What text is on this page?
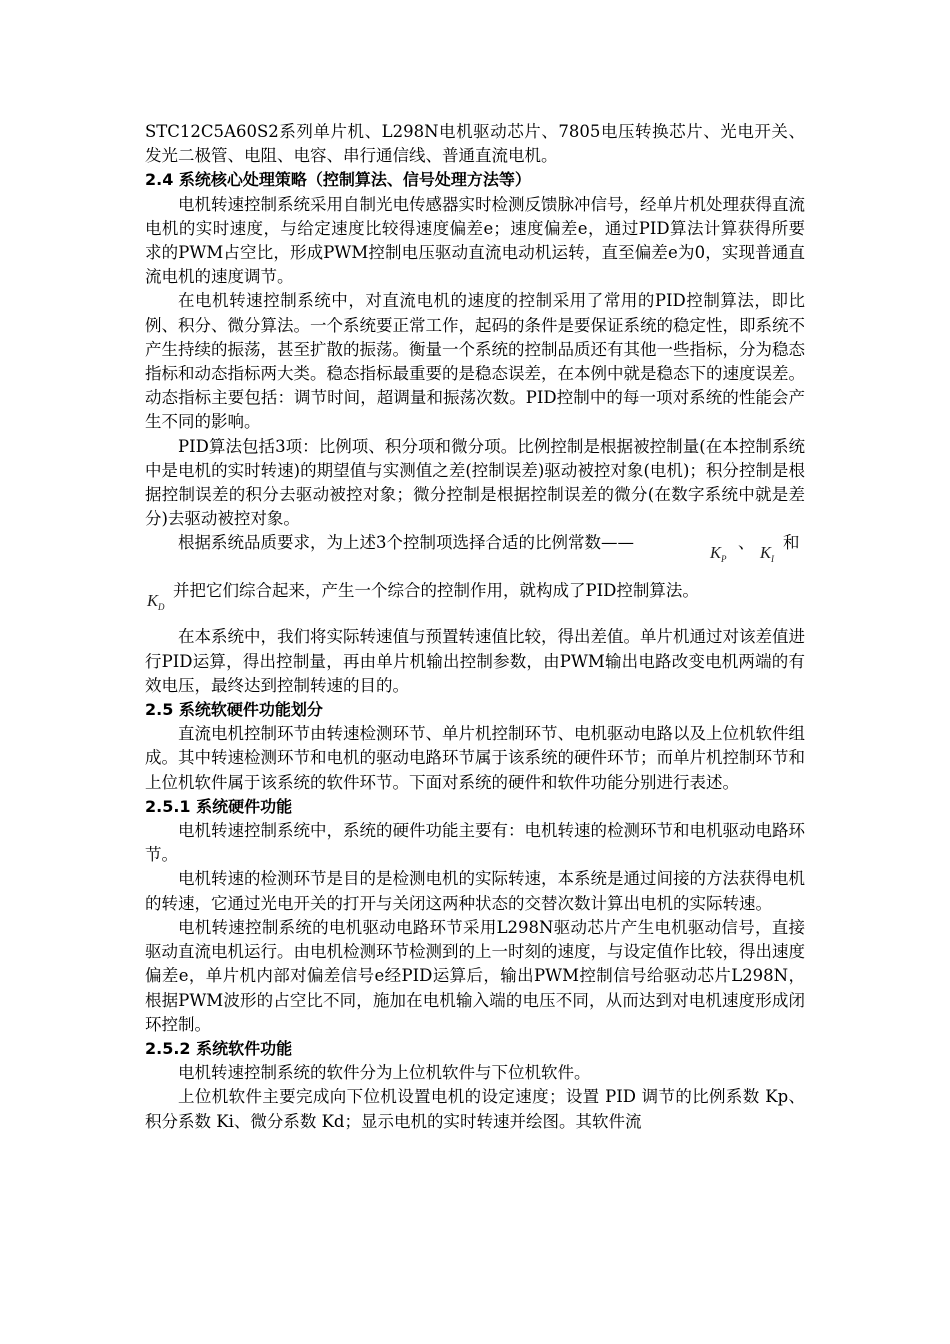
STC12C5A60S2系列单片机、L298N电机驱动芯片、7805电压转换芯片、光电开关、发光二极管、电阻、电容、串行通信线、普通直流电机。

2.4 系统核心处理策略（控制算法、信号处理方法等）

电机转速控制系统采用自制光电传感器实时检测反馈脉冲信号，经单片机处理获得直流电机的实时速度，与给定速度比较得速度偏差e；速度偏差e，通过PID算法计算获得所要求的PWM占空比，形成PWM控制电压驱动直流电动机运转，直至偏差e为0，实现普通直流电机的速度调节。

在电机转速控制系统中，对直流电机的速度的控制采用了常用的PID控制算法，即比例、积分、微分算法。一个系统要正常工作，起码的条件是要保证系统的稳定性，即系统不产生持续的振荡，甚至扩散的振荡。衡量一个系统的控制品质还有其他一些指标，分为稳态指标和动态指标两大类。稳态指标最重要的是稳态误差，在本例中就是稳态下的速度误差。动态指标主要包括：调节时间，超调量和振荡次数。PID控制中的每一项对系统的性能会产生不同的影响。

PID算法包括3项：比例项、积分项和微分项。比例控制是根据被控制量(在本控制系统中是电机的实时转速)的期望值与实测值之差(控制误差)驱动被控对象(电机)；积分控制是根据控制误差的积分去驱动被控对象；微分控制是根据控制误差的微分(在数字系统中就是差分)去驱动被控对象。

根据系统品质要求，为上述3个控制项选择合适的比例常数——
$K_P$
、
$K_I$
和
$K_D$
并把它们综合起来，产生一个综合的控制作用，就构成了PID控制算法。

在本系统中，我们将实际转速值与预置转速值比较，得出差值。单片机通过对该差值进行PID运算，得出控制量，再由单片机输出控制参数，由PWM输出电路改变电机两端的有效电压，最终达到控制转速的目的。

2.5 系统软硬件功能划分

直流电机控制环节由转速检测环节、单片机控制环节、电机驱动电路以及上位机软件组成。其中转速检测环节和电机的驱动电路环节属于该系统的硬件环节；而单片机控制环节和上位机软件属于该系统的软件环节。下面对系统的硬件和软件功能分别进行表述。

2.5.1 系统硬件功能

电机转速控制系统中，系统的硬件功能主要有：电机转速的检测环节和电机驱动电路环节。

电机转速的检测环节是目的是检测电机的实际转速，本系统是通过间接的方法获得电机的转速，它通过光电开关的打开与关闭这两种状态的交替次数计算出电机的实际转速。

电机转速控制系统的电机驱动电路环节采用L298N驱动芯片产生电机驱动信号，直接驱动直流电机运行。由电机检测环节检测到的上一时刻的速度，与设定值作比较，得出速度偏差e，单片机内部对偏差信号e经PID运算后，输出PWM控制信号给驱动芯片L298N，根据PWM波形的占空比不同，施加在电机输入端的电压不同，从而达到对电机速度形成闭环控制。

2.5.2 系统软件功能

电机转速控制系统的软件分为上位机软件与下位机软件。

上位机软件主要完成向下位机设置电机的设定速度；设置 PID 调节的比例系数 Kp、积分系数 Ki、微分系数 Kd；显示电机的实时转速并绘图。其软件流
